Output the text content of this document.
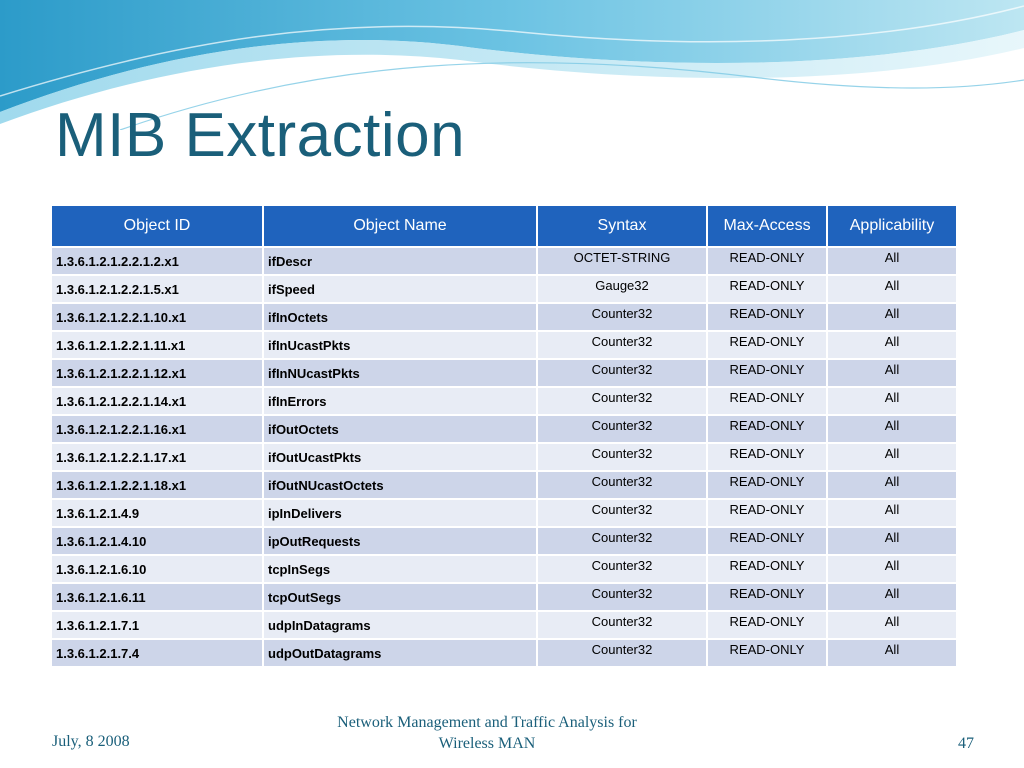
MIB Extraction
Object ID	Object Name	Syntax	Max-Access	Applicability
1.3.6.1.2.1.2.2.1.2.x1	ifDescr	OCTET-STRING	READ-ONLY	All
1.3.6.1.2.1.2.2.1.5.x1	ifSpeed	Gauge32	READ-ONLY	All
1.3.6.1.2.1.2.2.1.10.x1	ifInOctets	Counter32	READ-ONLY	All
1.3.6.1.2.1.2.2.1.11.x1	ifInUcastPkts	Counter32	READ-ONLY	All
1.3.6.1.2.1.2.2.1.12.x1	ifInNUcastPkts	Counter32	READ-ONLY	All
1.3.6.1.2.1.2.2.1.14.x1	ifInErrors	Counter32	READ-ONLY	All
1.3.6.1.2.1.2.2.1.16.x1	ifOutOctets	Counter32	READ-ONLY	All
1.3.6.1.2.1.2.2.1.17.x1	ifOutUcastPkts	Counter32	READ-ONLY	All
1.3.6.1.2.1.2.2.1.18.x1	ifOutNUcastOctets	Counter32	READ-ONLY	All
1.3.6.1.2.1.4.9	ipInDelivers	Counter32	READ-ONLY	All
1.3.6.1.2.1.4.10	ipOutRequests	Counter32	READ-ONLY	All
1.3.6.1.2.1.6.10	tcpInSegs	Counter32	READ-ONLY	All
1.3.6.1.2.1.6.11	tcpOutSegs	Counter32	READ-ONLY	All
1.3.6.1.2.1.7.1	udpInDatagrams	Counter32	READ-ONLY	All
1.3.6.1.2.1.7.4	udpOutDatagrams	Counter32	READ-ONLY	All
July, 8 2008
Network Management and Traffic Analysis for
Wireless MAN	47
